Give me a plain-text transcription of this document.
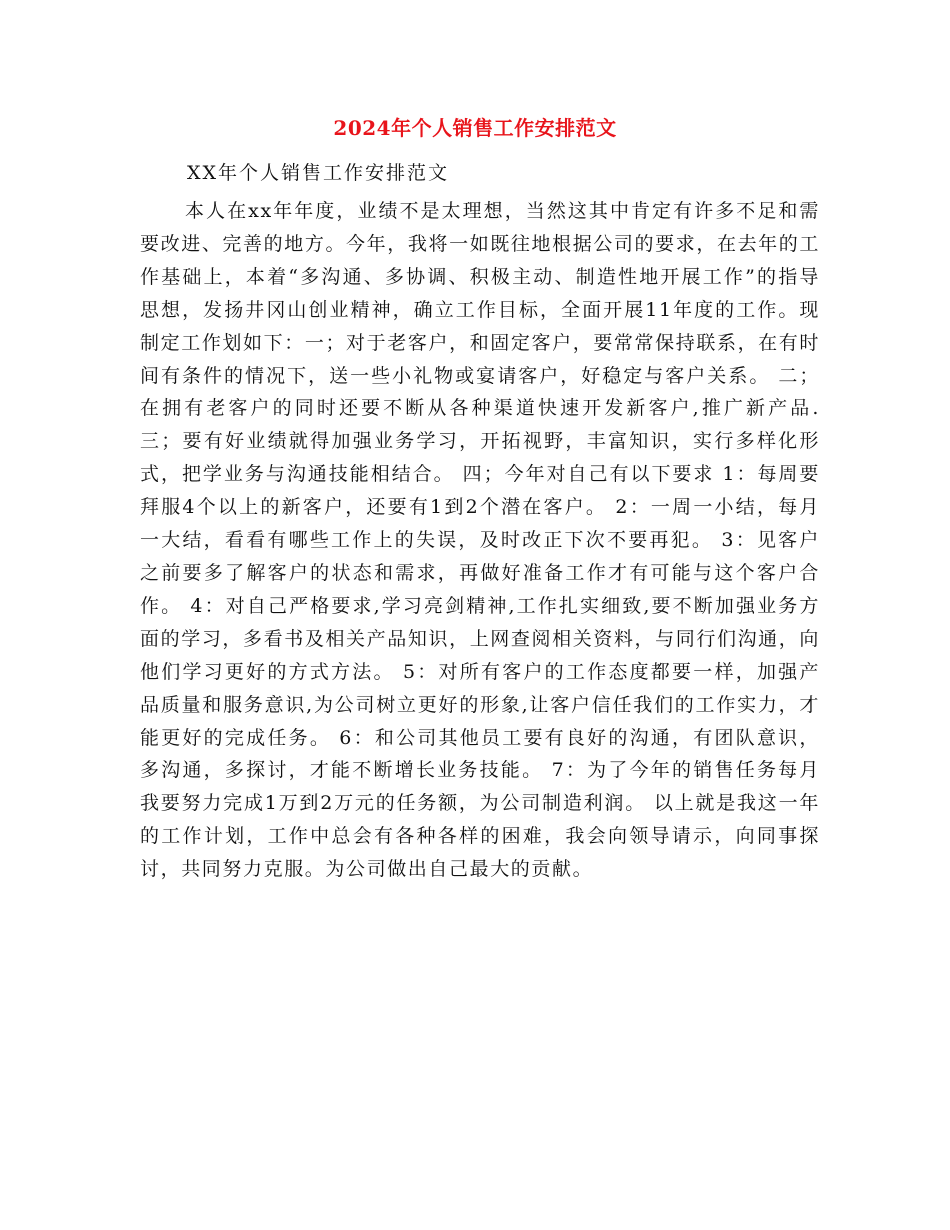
2024年个人销售工作安排范文
XX年个人销售工作安排范文
本人在xx年年度，业绩不是太理想，当然这其中肯定有许多不足和需要改进、完善的地方。今年，我将一如既往地根据公司的要求，在去年的工作基础上，本着“多沟通、多协调、积极主动、制造性地开展工作”的指导思想，发扬井冈山创业精神，确立工作目标，全面开展11年度的工作。现制定工作划如下：一；对于老客户，和固定客户，要常常保持联系，在有时间有条件的情况下，送一些小礼物或宴请客户，好稳定与客户关系。 二；在拥有老客户的同时还要不断从各种渠道快速开发新客户,推广新产品. 三；要有好业绩就得加强业务学习，开拓视野，丰富知识，实行多样化形式，把学业务与沟通技能相结合。 四；今年对自己有以下要求 1：每周要拜服4个以上的新客户，还要有1到2个潜在客户。 2：一周一小结，每月一大结，看看有哪些工作上的失误，及时改正下次不要再犯。 3：见客户之前要多了解客户的状态和需求，再做好准备工作才有可能与这个客户合作。 4：对自己严格要求,学习亮剑精神,工作扎实细致,要不断加强业务方面的学习，多看书及相关产品知识，上网查阅相关资料，与同行们沟通，向他们学习更好的方式方法。 5：对所有客户的工作态度都要一样，加强产品质量和服务意识,为公司树立更好的形象,让客户信任我们的工作实力，才能更好的完成任务。 6：和公司其他员工要有良好的沟通，有团队意识，多沟通，多探讨，才能不断增长业务技能。 7：为了今年的销售任务每月我要努力完成1万到2万元的任务额，为公司制造利润。 以上就是我这一年的工作计划，工作中总会有各种各样的困难，我会向领导请示，向同事探讨，共同努力克服。为公司做出自己最大的贡献。
